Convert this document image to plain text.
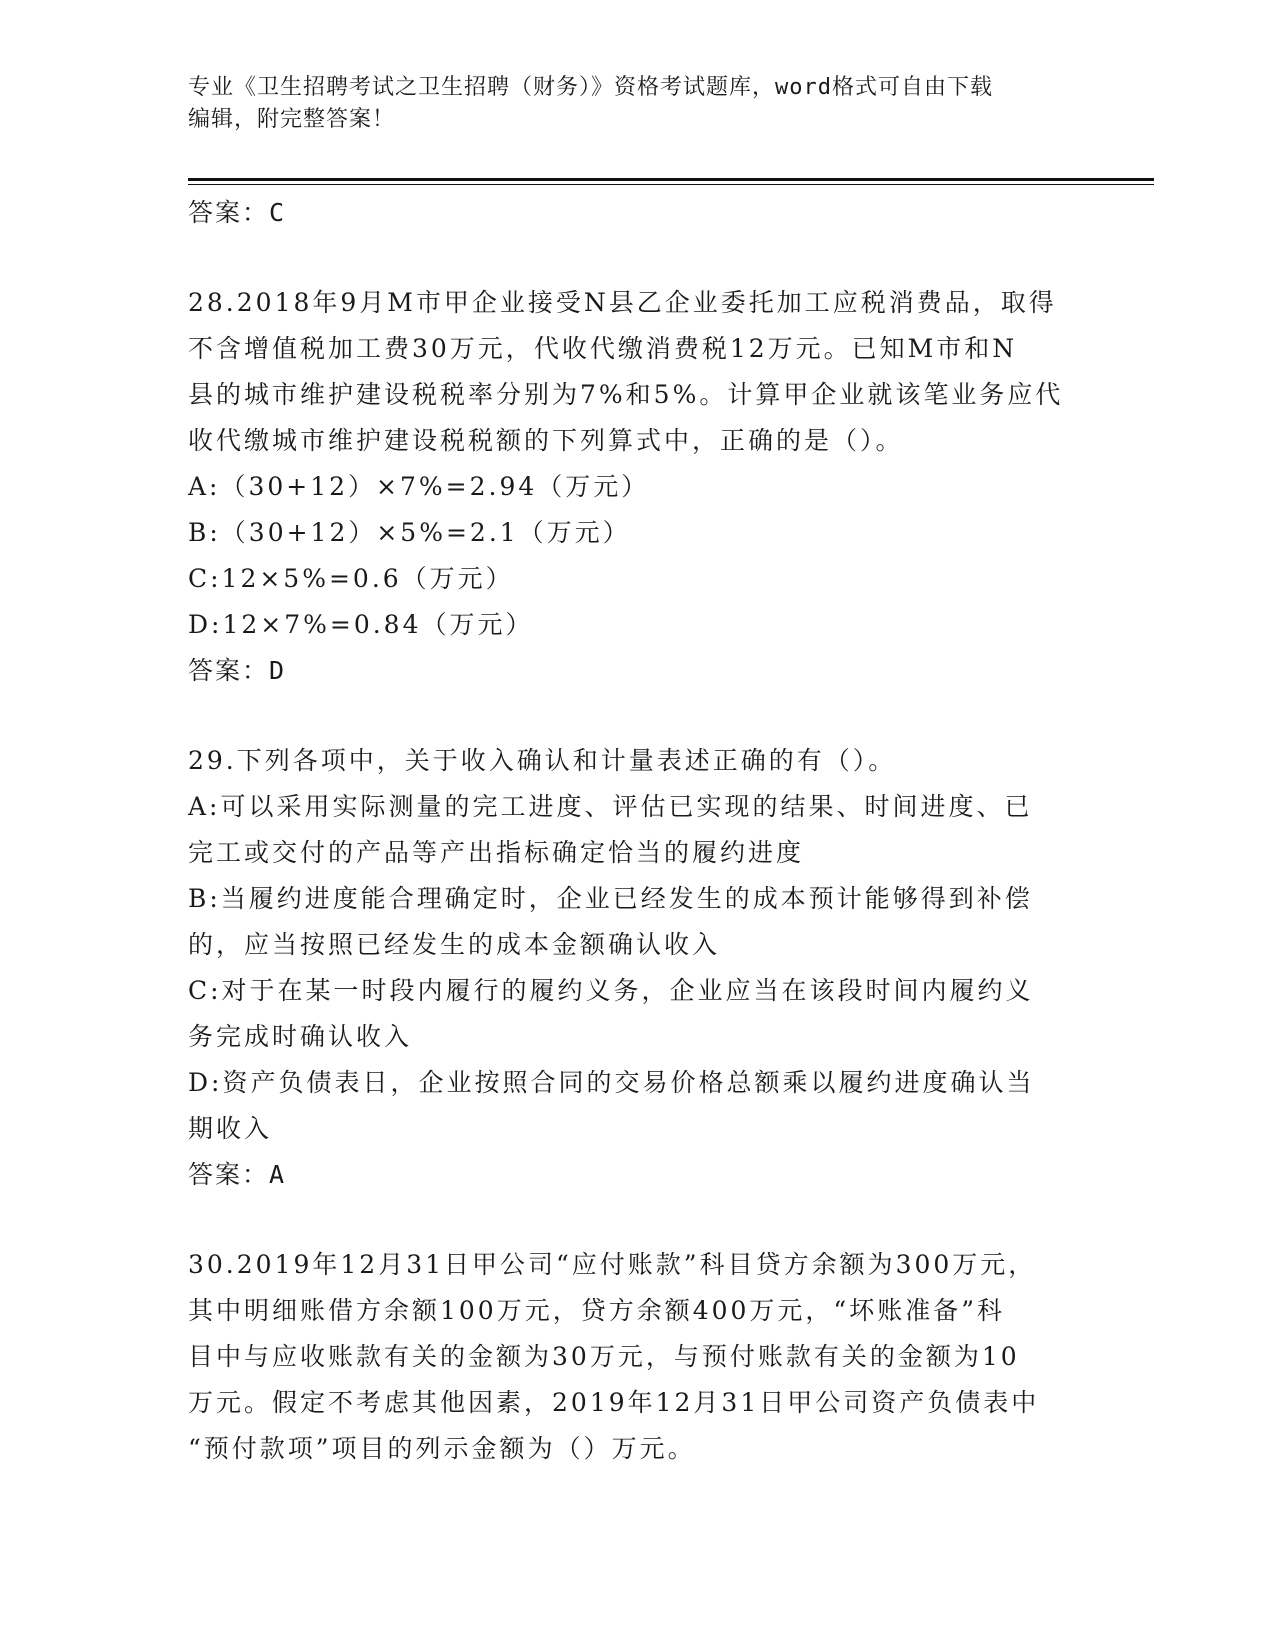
专业《卫生招聘考试之卫生招聘（财务）》资格考试题库，word格式可自由下载
编辑，附完整答案！
答案：C
28.2018年9月M市甲企业接受N县乙企业委托加工应税消费品，取得
不含增值税加工费30万元，代收代缴消费税12万元。已知M市和N
县的城市维护建设税税率分别为7%和5%。计算甲企业就该笔业务应代
收代缴城市维护建设税税额的下列算式中，正确的是（）。
A:（30+12）×7%=2.94（万元）
B:（30+12）×5%=2.1（万元）
C:12×5%=0.6（万元）
D:12×7%=0.84（万元）
答案：D
29.下列各项中，关于收入确认和计量表述正确的有（）。
A:可以采用实际测量的完工进度、评估已实现的结果、时间进度、已
完工或交付的产品等产出指标确定恰当的履约进度
B:当履约进度能合理确定时，企业已经发生的成本预计能够得到补偿
的，应当按照已经发生的成本金额确认收入
C:对于在某一时段内履行的履约义务，企业应当在该段时间内履约义
务完成时确认收入
D:资产负债表日，企业按照合同的交易价格总额乘以履约进度确认当
期收入
答案：A
30.2019年12月31日甲公司“应付账款”科目贷方余额为300万元，
其中明细账借方余额100万元，贷方余额400万元，“坏账准备”科
目中与应收账款有关的金额为30万元，与预付账款有关的金额为10
万元。假定不考虑其他因素，2019年12月31日甲公司资产负债表中
“预付款项”项目的列示金额为（）万元。
